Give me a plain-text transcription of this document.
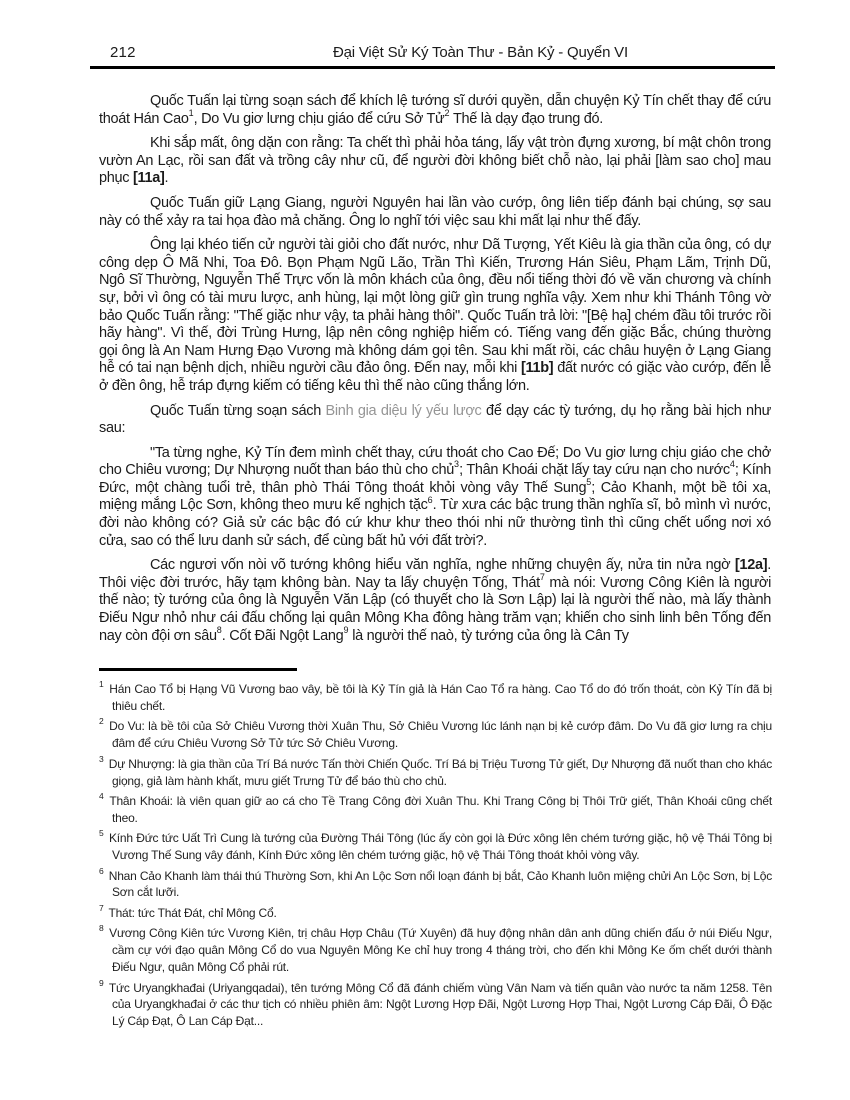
212	Đại Việt Sử Ký Toàn Thư - Bản Kỷ - Quyển VI

Quốc Tuấn lại từng soạn sách để khích lệ tướng sĩ dưới quyền, dẫn chuyện Kỷ Tín chết thay để cứu thoát Hán Cao$^1$, Do Vu giơ lưng chịu giáo để cứu Sở Tử$^2$ Thế là dạy đạo trung đó.

Khi sắp mất, ông dặn con rằng: Ta chết thì phải hỏa táng, lấy vật tròn đựng xương, bí mật chôn trong vườn An Lạc, rồi san đất và trồng cây như cũ, để người đời không biết chỗ nào, lại phải [làm sao cho] mau phục [11a].

Quốc Tuấn giữ Lạng Giang, người Nguyên hai lần vào cướp, ông liên tiếp đánh bại chúng, sợ sau này có thể xảy ra tai họa đào mả chăng. Ông lo nghĩ tới việc sau khi mất lại như thế đấy.

Ông lại khéo tiến cử người tài giỏi cho đất nước, như Dã Tượng, Yết Kiêu là gia thần của ông, có dự công dẹp Ô Mã Nhi, Toa Đô. Bọn Phạm Ngũ Lão, Trần Thì Kiến, Trương Hán Siêu, Phạm Lãm, Trịnh Dũ, Ngô Sĩ Thường, Nguyễn Thế Trực vốn là môn khách của ông, đều nổi tiếng thời đó về văn chương và chính sự, bởi vì ông có tài mưu lược, anh hùng, lại một lòng giữ gìn trung nghĩa vậy. Xem như khi Thánh Tông vờ bảo Quốc Tuấn rằng: "Thế giặc như vậy, ta phải hàng thôi". Quốc Tuấn trả lời: "[Bệ hạ] chém đầu tôi trước rồi hãy hàng". Vì thế, đời Trùng Hưng, lập nên công nghiệp hiếm có. Tiếng vang đến giặc Bắc, chúng thường gọi ông là An Nam Hưng Đạo Vương mà không dám gọi tên. Sau khi mất rồi, các châu huyện ở Lạng Giang hễ có tai nạn bệnh dịch, nhiều người cầu đảo ông. Đến nay, mỗi khi [11b] đất nước có giặc vào cướp, đến lễ ở đền ông, hễ tráp đựng kiếm có tiếng kêu thì thế nào cũng thắng lớn.

Quốc Tuấn từng soạn sách Binh gia diệu lý yếu lược để dạy các tỳ tướng, dụ họ rằng bài hịch như sau:

"Ta từng nghe, Kỷ Tín đem mình chết thay, cứu thoát cho Cao Đế; Do Vu giơ lưng chịu giáo che chở cho Chiêu vương; Dự Nhượng nuốt than báo thù cho chủ$^3$; Thân Khoái chặt lấy tay cứu nạn cho nước$^4$; Kính Đức, một chàng tuổi trẻ, thân phò Thái Tông thoát khỏi vòng vây Thế Sung$^5$; Cảo Khanh, một bề tôi xa, miệng mắng Lộc Sơn, không theo mưu kế nghịch tặc$^6$. Từ xưa các bậc trung thần nghĩa sĩ, bỏ mình vì nước, đời nào không có? Giả sử các bậc đó cứ khư khư theo thói nhi nữ thường tình thì cũng chết uổng nơi xó cửa, sao có thể lưu danh sử sách, để cùng bất hủ với đất trời?.

Các ngươi vốn nòi võ tướng không hiểu văn nghĩa, nghe những chuyện ấy, nửa tin nửa ngờ [12a]. Thôi việc đời trước, hãy tạm không bàn. Nay ta lấy chuyện Tống, Thát$^7$ mà nói: Vương Công Kiên là người thế nào; tỳ tướng của ông là Nguyễn Văn Lập (có thuyết cho là Sơn Lập) lại là người thế nào, mà lấy thành Điếu Ngư nhỏ như cái đấu chống lại quân Mông Kha đông hàng trăm vạn; khiến cho sinh linh bên Tống đến nay còn đội ơn sâu$^8$. Cốt Đãi Ngột Lang$^9$ là người thế naò, tỳ tướng của ông là Cân Ty

$^1$ Hán Cao Tổ bị Hạng Vũ Vương bao vây, bề tôi là Kỷ Tín giả là Hán Cao Tổ ra hàng. Cao Tổ do đó trốn thoát, còn Kỷ Tín đã bị thiêu chết.
$^2$ Do Vu: là bề tôi của Sở Chiêu Vương thời Xuân Thu, Sở Chiêu Vương lúc lánh nạn bị kẻ cướp đâm. Do Vu đã giơ lưng ra chịu đâm để cứu Chiêu Vương Sở Tử tức Sở Chiêu Vương.
$^3$ Dự Nhượng: là gia thần của Trí Bá nước Tấn thời Chiến Quốc. Trí Bá bị Triệu Tương Tử giết, Dự Nhượng đã nuốt than cho khác giọng, giả làm hành khất, mưu giết Trưng Tử để báo thù cho chủ.
$^4$ Thân Khoái: là viên quan giữ ao cá cho Tề Trang Công đời Xuân Thu. Khi Trang Công bị Thôi Trữ giết, Thân Khoái cũng chết theo.
$^5$ Kính Đức tức Uất Trì Cung là tướng của Đường Thái Tông (lúc ấy còn gọi là Đức xông lên chém tướng giặc, hộ vệ Thái Tông bị Vương Thế Sung vây đánh, Kính Đức xông lên chém tướng giặc, hộ vệ Thái Tông thoát khỏi vòng vây.
$^6$ Nhan Cảo Khanh làm thái thú Thường Sơn, khi An Lộc Sơn nổi loạn đánh bị bắt, Cảo Khanh luôn miệng chửi An Lộc Sơn, bị Lộc Sơn cắt lưỡi.
$^7$ Thát: tức Thát Đát, chỉ Mông Cổ.
$^8$ Vương Công Kiên tức Vương Kiên, trị châu Hợp Châu (Tứ Xuyên) đã huy động nhân dân anh dũng chiến đấu ở núi Điếu Ngư, cầm cự với đạo quân Mông Cổ do vua Nguyên Mông Ke chỉ huy trong 4 tháng trời, cho đến khi Mông Ke ốm chết dưới thành Điếu Ngư, quân Mông Cổ phải rút.
$^9$ Tức Uryangkhađai (Uriyangqadai), tên tướng Mông Cổ đã đánh chiếm vùng Vân Nam và tiến quân vào nước ta năm 1258. Tên của Uryangkhađai ở các thư tịch có nhiều phiên âm: Ngột Lương Hợp Đãi, Ngột Lương Hợp Thai, Ngột Lương Cáp Đãi, Ô Đặc Lý Cáp Đạt, Ô Lan Cáp Đạt...
